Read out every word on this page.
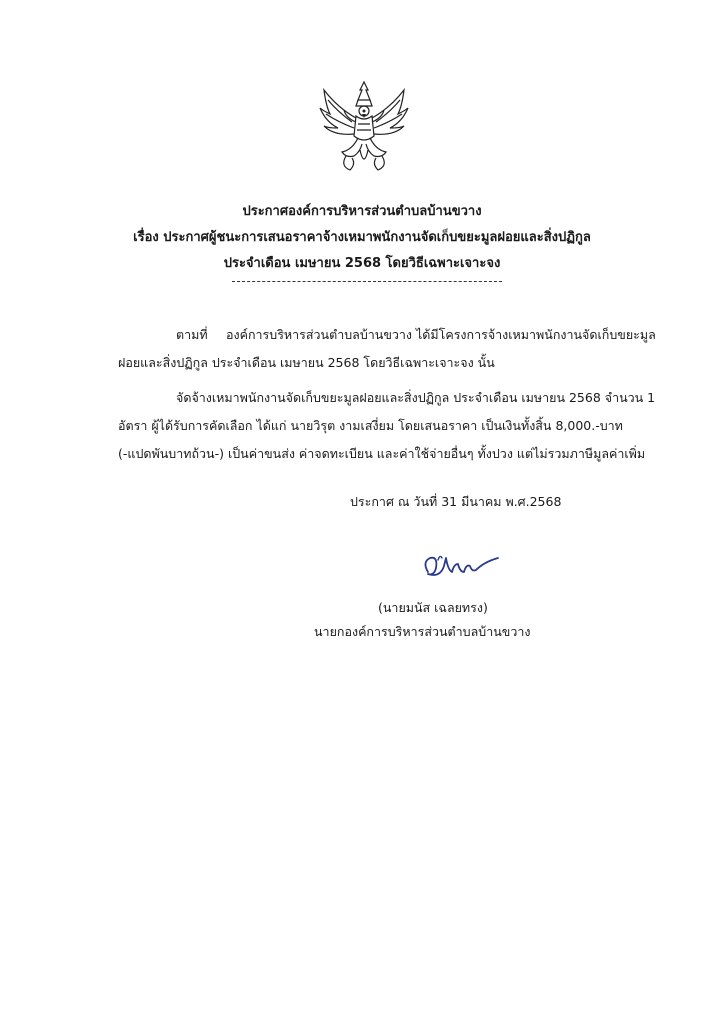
ประกาศองค์การบริหารส่วนตำบลบ้านขวาง
เรื่อง ประกาศผู้ชนะการเสนอราคาจ้างเหมาพนักงานจัดเก็บขยะมูลฝอยและสิ่งปฏิกูล
ประจำเดือน เมษายน 2568 โดยวิธีเฉพาะเจาะจง
ตามที่ องค์การบริหารส่วนตำบลบ้านขวาง ได้มีโครงการจ้างเหมาพนักงานจัดเก็บขยะมูล
ฝอยและสิ่งปฏิกูล ประจำเดือน เมษายน 2568 โดยวิธีเฉพาะเจาะจง นั้น
จัดจ้างเหมาพนักงานจัดเก็บขยะมูลฝอยและสิ่งปฏิกูล ประจำเดือน เมษายน 2568 จำนวน 1
อัตรา ผู้ได้รับการคัดเลือก ได้แก่ นายวิรุต งามเสงี่ยม โดยเสนอราคา เป็นเงินทั้งสิ้น 8,000.-บาท
(-แปดพันบาทถ้วน-) เป็นค่าขนส่ง ค่าจดทะเบียน และค่าใช้จ่ายอื่นๆ ทั้งปวง แต่ไม่รวมภาษีมูลค่าเพิ่ม
ประกาศ ณ วันที่ 31 มีนาคม พ.ศ.2568
(นายมนัส เฉลยทรง)
นายกองค์การบริหารส่วนตำบลบ้านขวาง
